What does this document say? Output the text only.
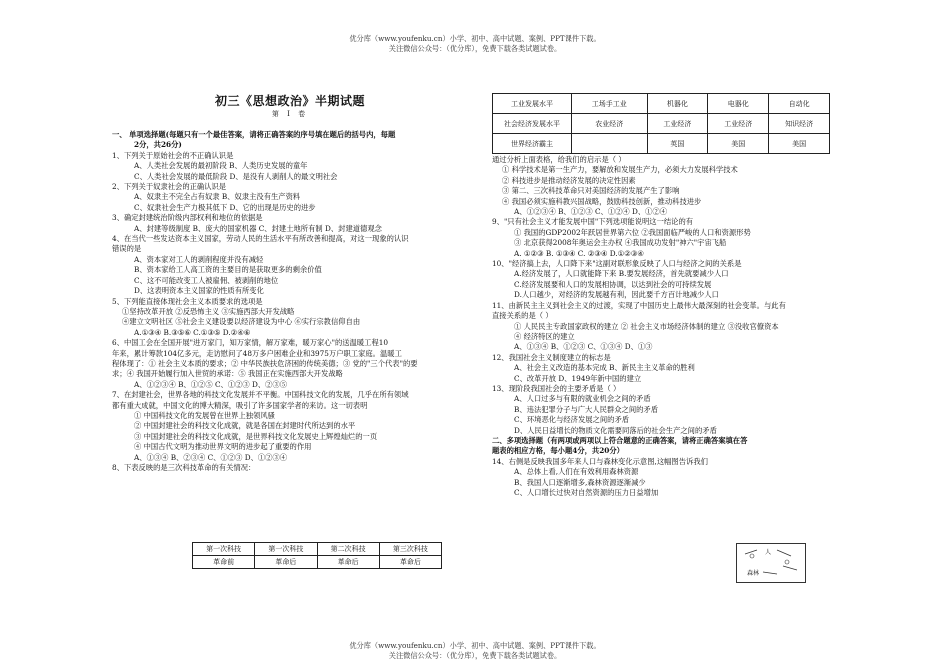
优分库（www.youfenku.cn）小学、初中、高中试题、案例、PPT课件下载。
关注微信公众号：（优分库），免费下载各类试题试卷。
初三《思想政治》半期试题
第 I 卷

一、 单项选择题(每题只有一个最佳答案，请将正确答案的序号填在题后的括号内，每题

2分，共26分)

1、下列关于原始社会的不正确认识是

A、人类社会发展的最初阶段 B、人类历史发展的童年

C、人类社会发展的最低阶段 D、是没有人剥削人的最文明社会

2、下列关于奴隶社会的正确认识是

A、奴隶主不完全占有奴隶 B、奴隶主没有生产资料

C、奴隶社会生产力极其低下 D、它的出现是历史的进步

3、确定封建统治阶级内部权利和地位的依据是

A、封建等级制度 B、庞大的国家机器 C、封建土地所有制 D、封建道德观念

4、在当代一些发达资本主义国家，劳动人民的生活水平有所改善和提高，对这一现象的认识

错误的是

A、资本家对工人的剥削程度并没有减轻

B、资本家给工人高工资的主要目的是获取更多的剩余价值

C、这不可能改变工人被雇佣、被剥削的地位

D、这表明资本主义国家的性质有所变化

5、下列能直接体现社会主义本质要求的选项是

①坚持改革开放 ②反恐怖主义 ③实施西部大开发战略

④建立文明社区 ⑤社会主义建设要以经济建设为中心 ⑥实行宗教信仰自由

A.①③④ B.③⑤⑥ C.①③⑤ D.②④⑥

6、中国工会在全国开展"进万家门，知万家情，解万家难，暖万家心"的送温暖工程10

年来，累计筹款104亿多元，走访慰问了48万多户困难企业和3975万户职工家庭。温暖工

程体现了：① 社会主义本质的要求；② 中华民族扶危济困的传统美德；③ 党的"三个代表"的要

求；④ 我国开始履行加入世贸的承诺：⑤ 我国正在实施西部大开发战略

A、①②③④ B、①②⑤ C、①②③ D、②③⑤

7、在封建社会，世界各地的科技文化发展并不平衡。中国科技文化的发展，几乎在所有领域

都有重大成就，中国文化的博大精深，吸引了许多国家学者的来访。这一切表明

① 中国科技文化的发展曾在世界上独领风骚

② 中国封建社会的科技文化成就，就是各国在封建时代所达到的水平

③ 中国封建社会的科技文化成就，是世界科技文化发展史上辉煌灿烂的一页

④ 中国古代文明为推动世界文明的进步起了重要的作用

A、①③④ B、②③④ C、①②③ D、①②③④

8、下表反映的是三次科技革命的有关情况：

第一次科技	第一次科技	第二次科技	第三次科技
革命前	革命后	革命后	革命后
工业发展水平	工场手工业	机器化	电器化	自动化
社会经济发展水平	农业经济	工业经济	工业经济	知识经济
世界经济霸主		英国	美国	美国

通过分析上面表格，给我们的启示是（ ）

① 科学技术是第一生产力，要解放和发展生产力，必须大力发展科学技术

② 科技进步是推动经济发展的决定性因素

③ 第二、三次科技革命只对美国经济的发展产生了影响

④ 我国必须实施科教兴国战略，鼓励科技创新，推动科技进步

A、①②③④ B、①②③ C、①②④ D、①②④

9、"只有社会主义才能发展中国"下列选项能说明这一结论的有

① 我国的GDP2002年跃居世界第六位 ②我国面临严峻的人口和资源形势

③ 北京获得2008年奥运会主办权 ④我国成功发射"神六"宇宙飞船

A. ①②③ B. ①③④ C. ②③④ D.①②③④

10、"经济搞上去，人口降下来"这副对联形象反映了人口与经济之间的关系是

A.经济发展了，人口就能降下来 B.要发展经济，首先就要减少人口

C.经济发展要和人口的发展相协调，以达到社会的可持续发展

D.人口越少，对经济的发展越有利，因此要千方百计地减少人口

11、由新民主主义到社会主义的过渡，实现了中国历史上最伟大最深刻的社会变革。与此有

直接关系的是（ ）

① 人民民主专政国家政权的建立 ② 社会主义市场经济体制的建立 ③没收官僚资本

④ 经济特区的建立

A、①③④ B、①②③ C、①③④ D、①③

12、我国社会主义制度建立的标志是

A、社会主义改造的基本完成 B、新民主主义革命的胜利

C、改革开放 D、1949年新中国的建立

13、现阶段我国社会的主要矛盾是（ ）

A、人口过多与有限的就业机会之间的矛盾

B、违法犯罪分子与广大人民群众之间的矛盾

C、环境恶化与经济发展之间的矛盾

D、人民日益增长的物质文化需要同落后的社会生产之间的矛盾

二、多项选择题（有两项或两项以上符合题意的正确答案，请将正确答案填在答

题表的相应方格，每小题4分，共20分）

14、右侧是反映我国多年来人口与森林变化示意图,这幅图告诉我们

A、总体上看,人们在有效利用森林资源

B、我国人口逐渐增多,森林资源逐渐减少

C、人口增长过快对自然资源的压力日益增加

人
森林
优分库（www.youfenku.cn）小学、初中、高中试题、案例、PPT课件下载。
关注微信公众号：（优分库），免费下载各类试题试卷。
